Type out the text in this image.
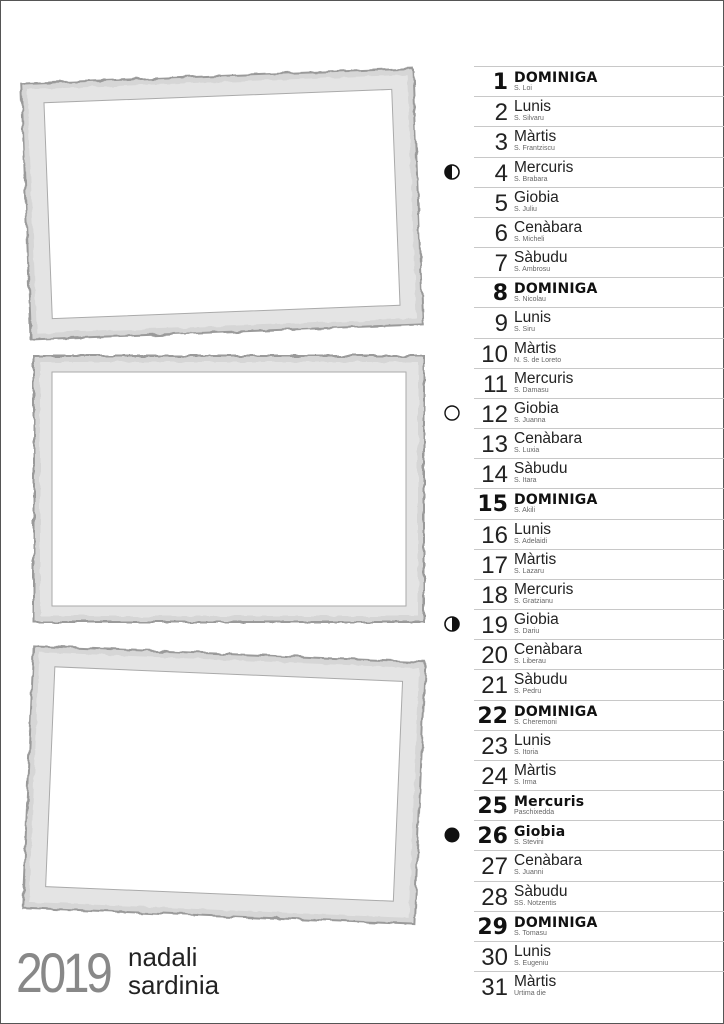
2019 nadali
sardinia
1 DOMINIGA
S. Loi
2 Lunis
S. Silvaru
3 Màrtis
S. Frantziscu
4 Mercuris
S. Brabara
5 Giobia
S. Juliu
6 Cenàbara
S. Micheli
7 Sàbudu
S. Ambrosu
8 DOMINIGA
S. Nicolau
9 Lunis
S. Siru
10 Màrtis
N. S. de Loreto
11 Mercuris
S. Damasu
12 Giobia
S. Juanna
13 Cenàbara
S. Luxia
14 Sàbudu
S. Itara
15 DOMINIGA
S. Akili
16 Lunis
S. Adelaidi
17 Màrtis
S. Lazaru
18 Mercuris
S. Gratzianu
19 Giobia
S. Dariu
20 Cenàbara
S. Liberau
21 Sàbudu
S. Pedru
22 DOMINIGA
S. Cheremoni
23 Lunis
S. Itoria
24 Màrtis
S. Irma
25 Mercuris
Paschixedda
26 Giobia
S. Stevini
27 Cenàbara
S. Juanni
28 Sàbudu
SS. Notzentis
29 DOMINIGA
S. Tomasu
30 Lunis
S. Eugeniu
31 Màrtis
Urtima die
